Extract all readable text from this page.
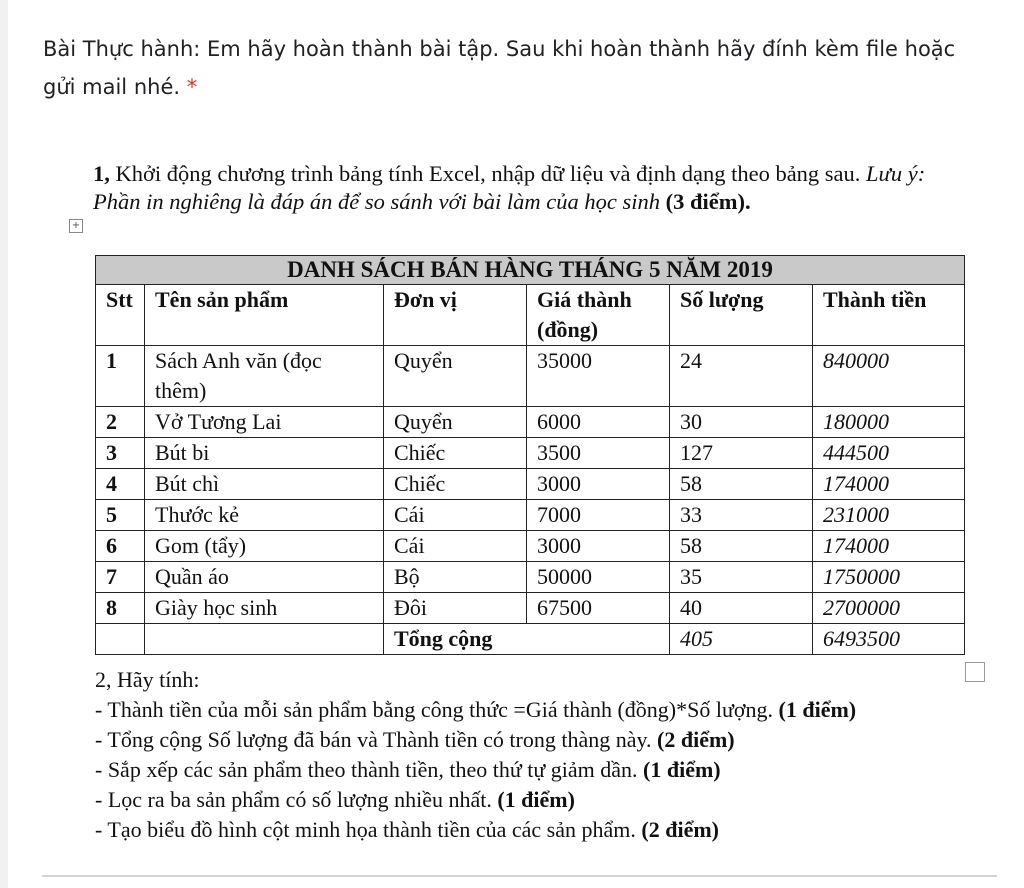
Bài Thực hành: Em hãy hoàn thành bài tập. Sau khi hoàn thành hãy đính kèm file hoặc gửi mail nhé. *

1, Khởi động chương trình bảng tính Excel, nhập dữ liệu và định dạng theo bảng sau. Lưu ý: Phần in nghiêng là đáp án để so sánh với bài làm của học sinh (3 điểm).

+
DANH SÁCH BÁN HÀNG THÁNG 5 NĂM 2019					
Stt	Tên sản phẩm	Đơn vị	Giá thành (đồng)	Số lượng	Thành tiền
1	Sách Anh văn (đọc thêm)	Quyển	35000	24	840000
2	Vở Tương Lai	Quyển	6000	30	180000
3	Bút bi	Chiếc	3500	127	444500
4	Bút chì	Chiếc	3000	58	174000
5	Thước kẻ	Cái	7000	33	231000
6	Gom (tẩy)	Cái	3000	58	174000
7	Quần áo	Bộ	50000	35	1750000
8	Giày học sinh	Đôi	67500	40	2700000
		Tổng cộng		405	6493500

2, Hãy tính:

- Thành tiền của mỗi sản phẩm bằng công thức =Giá thành (đồng)*Số lượng. (1 điểm)

- Tổng cộng Số lượng đã bán và Thành tiền có trong thàng này. (2 điểm)

- Sắp xếp các sản phẩm theo thành tiền, theo thứ tự giảm dần. (1 điểm)

- Lọc ra ba sản phẩm có số lượng nhiều nhất. (1 điểm)

- Tạo biểu đồ hình cột minh họa thành tiền của các sản phẩm. (2 điểm)
